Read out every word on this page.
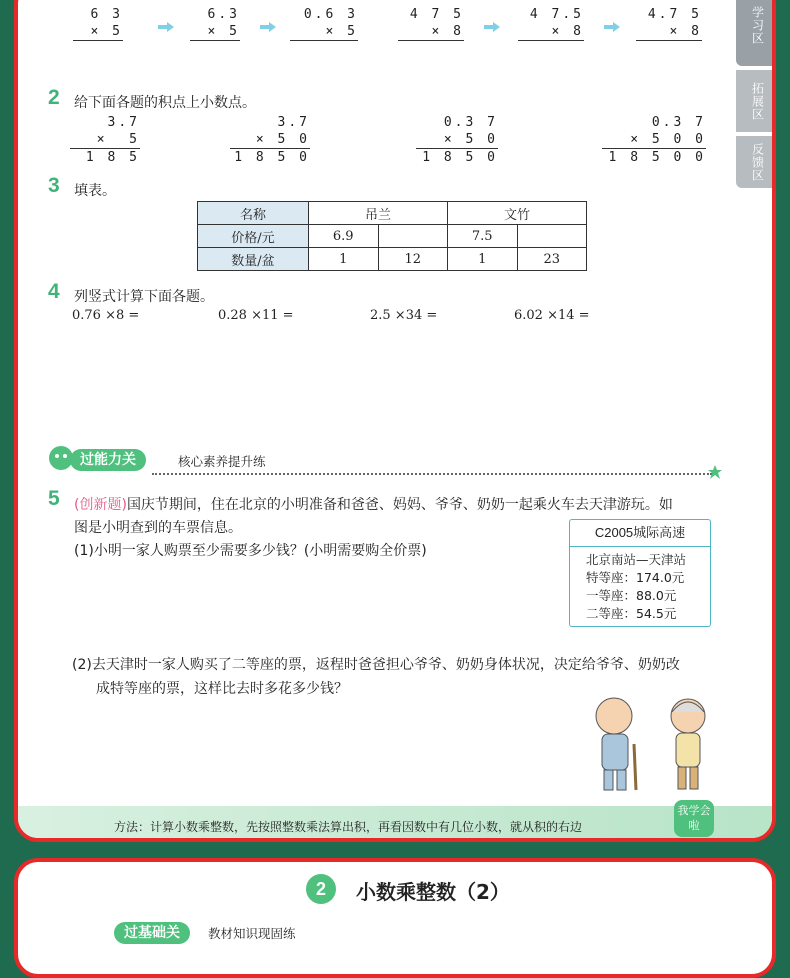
6 3
× 5
6.3
× 5
0.6 3
× 5
4 7 5
× 8
4 7.5
× 8
4.7 5
× 8	学习区
拓展区
反馈区
2 给下面各题的积点上小数点。
3.7
×  5
1 8 5
3.7
× 5 0
1 8 5 0
0.3 7
× 5 0
1 8 5 0
0.3 7
× 5 0 0
1 8 5 0 0
3 填表。
名称	吊兰		文竹	
价格/元	6.9		7.5	
数量/盆	1	12	1	23
4 列竖式计算下面各题。
0.76 ×8 =	0.28 ×11 =	2.5 ×34 =	6.02 ×14 =
过能力关	核心素养提升练
5 (创新题)国庆节期间，住在北京的小明准备和爸爸、妈妈、爷爷、奶奶一起乘火车去天津游玩。如
图是小明查到的车票信息。
(1)小明一家人购票至少需要多少钱？(小明需要购全价票)
C2005城际高速
北京南站—天津站
特等座：174.0元
一等座：88.0元
二等座：54.5元
(2)去天津时一家人购买了二等座的票，返程时爸爸担心爷爷、奶奶身体状况，决定给爷爷、奶奶改
成特等座的票，这样比去时多花多少钱？
方法：计算小数乘整数，先按照整数乘法算出积，再看因数中有几位小数，就从积的右边
我学会啦
2	小数乘整数（2）
过基础关	教材知识现固练
